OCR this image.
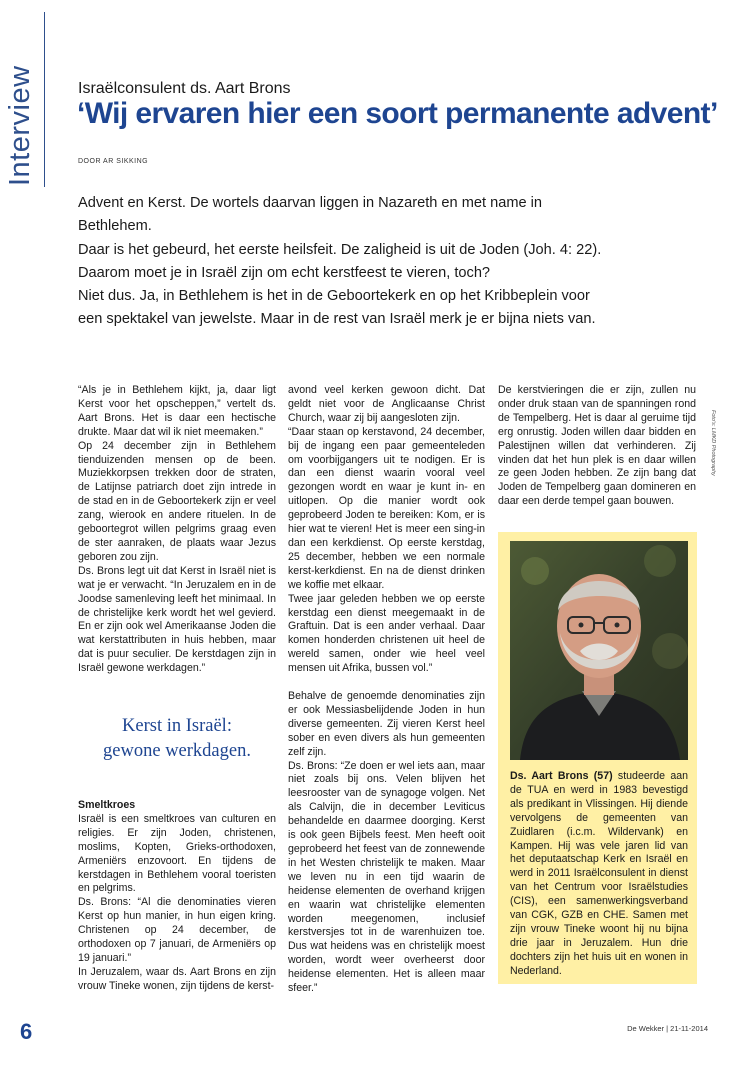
Interview	Israëlconsulent ds. Aart Brons
‘Wij ervaren hier een soort permanente advent’
DOOR AR SIKKING

Advent en Kerst. De wortels daarvan liggen in Nazareth en met name in Bethlehem.

Daar is het gebeurd, het eerste heilsfeit. De zaligheid is uit de Joden (Joh. 4: 22).

Daarom moet je in Israël zijn om echt kerstfeest te vieren, toch?

Niet dus. Ja, in Bethlehem is het in de Geboortekerk en op het Kribbeplein voor

een spektakel van jewelste. Maar in de rest van Israël merk je er bijna niets van.

“Als je in Bethlehem kijkt, ja, daar ligt Kerst voor het opscheppen,” vertelt ds. Aart Brons. Het is daar een hectische drukte. Maar dat wil ik niet meemaken.”

Op 24 december zijn in Bethlehem tienduizenden mensen op de been. Muziekkorpsen trekken door de straten, de Latijnse patriarch doet zijn intrede in de stad en in de Geboortekerk zijn er veel zang, wierook en andere rituelen. In de geboortegrot willen pelgrims graag even de ster aanraken, de plaats waar Jezus geboren zou zijn.

Ds. Brons legt uit dat Kerst in Israël niet is wat je er verwacht. “In Jeruzalem en in de Joodse samenleving leeft het minimaal. In de christelijke kerk wordt het wel gevierd. En er zijn ook wel Amerikaanse Joden die wat kerstattributen in huis hebben, maar dat is puur seculier. De kerstdagen zijn in Israël gewone werkdagen.”

Kerst in Israël:

gewone werkdagen.

Smeltkroes

Israël is een smeltkroes van culturen en religies. Er zijn Joden, christenen, moslims, Kopten, Grieks-orthodoxen, Armeniërs enzovoort. En tijdens de kerstdagen in Bethlehem vooral toeristen en pelgrims.

Ds. Brons: “Al die denominaties vieren Kerst op hun manier, in hun eigen kring. Christenen op 24 december, de orthodoxen op 7 januari, de Armeniërs op 19 januari.”

In Jeruzalem, waar ds. Aart Brons en zijn vrouw Tineke wonen, zijn tijdens de kerst-

avond veel kerken gewoon dicht. Dat geldt niet voor de Anglicaanse Christ Church, waar zij bij aangesloten zijn.

“Daar staan op kerstavond, 24 december, bij de ingang een paar gemeenteleden om voorbijgangers uit te nodigen. Er is dan een dienst waarin vooral veel gezongen wordt en waar je kunt in- en uitlopen. Op die manier wordt ook geprobeerd Joden te bereiken: Kom, er is hier wat te vieren! Het is meer een sing-in dan een kerkdienst. Op eerste kerstdag, 25 december, hebben we een normale kerst-kerkdienst. En na de dienst drinken we koffie met elkaar.

Twee jaar geleden hebben we op eerste kerstdag een dienst meegemaakt in de Graftuin. Dat is een ander verhaal. Daar komen honderden christenen uit heel de wereld samen, onder wie heel veel mensen uit Afrika, bussen vol.”

Behalve de genoemde denominaties zijn er ook Messiasbelijdende Joden in hun diverse gemeenten. Zij vieren Kerst heel sober en even divers als hun gemeenten zelf zijn.

Ds. Brons: “Ze doen er wel iets aan, maar niet zoals bij ons. Velen blijven het leesrooster van de synagoge volgen. Net als Calvijn, die in december Leviticus behandelde en daarmee doorging. Kerst is ook geen Bijbels feest. Men heeft ooit geprobeerd het feest van de zonnewende in het Westen christelijk te maken. Maar we leven nu in een tijd waarin de heidense elementen de overhand krijgen en waarin wat christelijke elementen worden meegenomen, inclusief kerstversjes tot in de warenhuizen toe. Dus wat heidens was en christelijk moest worden, wordt weer overheerst door heidense elementen. Het is alleen maar sfeer.”

De kerstvieringen die er zijn, zullen nu onder druk staan van de spanningen rond de Tempelberg. Het is daar al geruime tijd erg onrustig. Joden willen daar bidden en Palestijnen willen dat verhinderen. Zij vinden dat het hun plek is en daar willen ze geen Joden hebben. Ze zijn bang dat Joden de Tempelberg gaan domineren en daar een derde tempel gaan bouwen.

Foto’s: LMKD Photography
Ds. Aart Brons (57) studeerde aan de TUA en werd in 1983 bevestigd als predikant in Vlissingen. Hij diende vervolgens de gemeenten van Zuidlaren (i.c.m. Wildervank) en Kampen. Hij was vele jaren lid van het deputaatschap Kerk en Israël en werd in 2011 Israëlconsulent in dienst van het Centrum voor Israëlstudies (CIS), een samenwerkingsverband van CGK, GZB en CHE. Samen met zijn vrouw Tineke woont hij nu bijna drie jaar in Jeruzalem. Hun drie dochters zijn het huis uit en wonen in Nederland.
6	De Wekker | 21-11-2014
